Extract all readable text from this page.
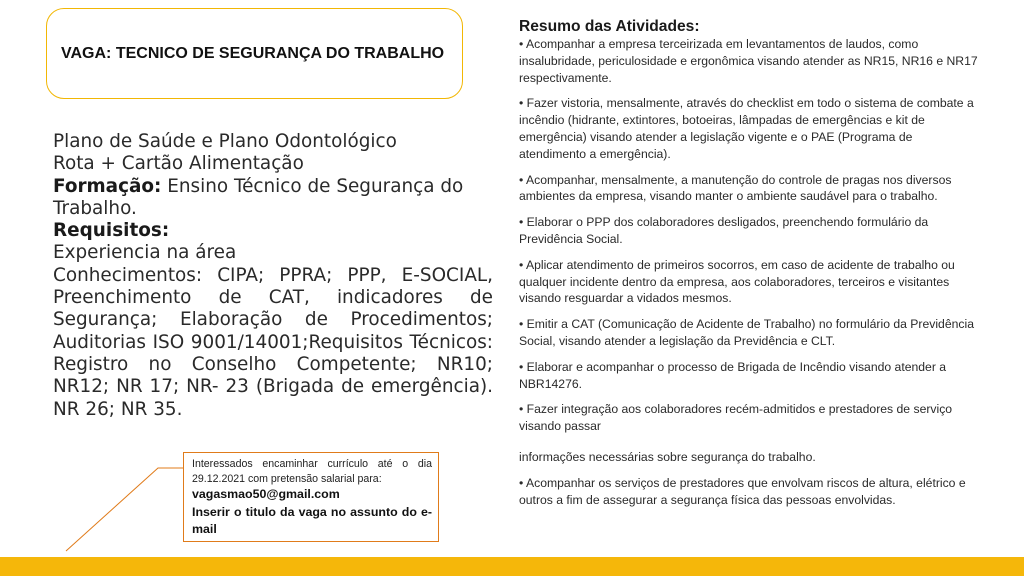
VAGA: TECNICO DE SEGURANÇA DO TRABALHO
Plano de Saúde e Plano Odontológico
Rota + Cartão Alimentação
Formação: Ensino Técnico de Segurança do
Trabalho.
Requisitos:
Experiencia na área
Conhecimentos: CIPA; PPRA; PPP, E-SOCIAL, Preenchimento de CAT, indicadores de Segurança; Elaboração de Procedimentos; Auditorias ISO 9001/14001;Requisitos Técnicos: Registro no Conselho Competente; NR10; NR12; NR 17; NR- 23 (Brigada de emergência). NR 26; NR 35.
Interessados encaminhar currículo até o dia 29.12.2021 com pretensão salarial para:
vagasmao50@gmail.com
Inserir o titulo da vaga no assunto do e-mail
Resumo das Atividades:
• Acompanhar a empresa terceirizada em levantamentos de laudos, como insalubridade, periculosidade e ergonômica visando atender as NR15, NR16 e NR17 respectivamente.
• Fazer vistoria, mensalmente, através do checklist em todo o sistema de combate a incêndio (hidrante, extintores, botoeiras, lâmpadas de emergências e kit de emergência) visando atender a legislação vigente e o PAE (Programa de atendimento a emergência).
• Acompanhar, mensalmente, a manutenção do controle de pragas nos diversos ambientes da empresa, visando manter o ambiente saudável para o trabalho.
• Elaborar o PPP dos colaboradores desligados, preenchendo formulário da Previdência Social.
• Aplicar atendimento de primeiros socorros, em caso de acidente de trabalho ou qualquer incidente dentro da empresa, aos colaboradores, terceiros e visitantes visando resguardar a vidados mesmos.
• Emitir a CAT (Comunicação de Acidente de Trabalho) no formulário da Previdência Social, visando atender a legislação da Previdência e CLT.
• Elaborar e acompanhar o processo de Brigada de Incêndio visando atender a NBR14276.
• Fazer integração aos colaboradores recém-admitidos e prestadores de serviço visando passar
informações necessárias sobre segurança do trabalho.
• Acompanhar os serviços de prestadores que envolvam riscos de altura, elétrico e outros a fim de assegurar a segurança física das pessoas envolvidas.
